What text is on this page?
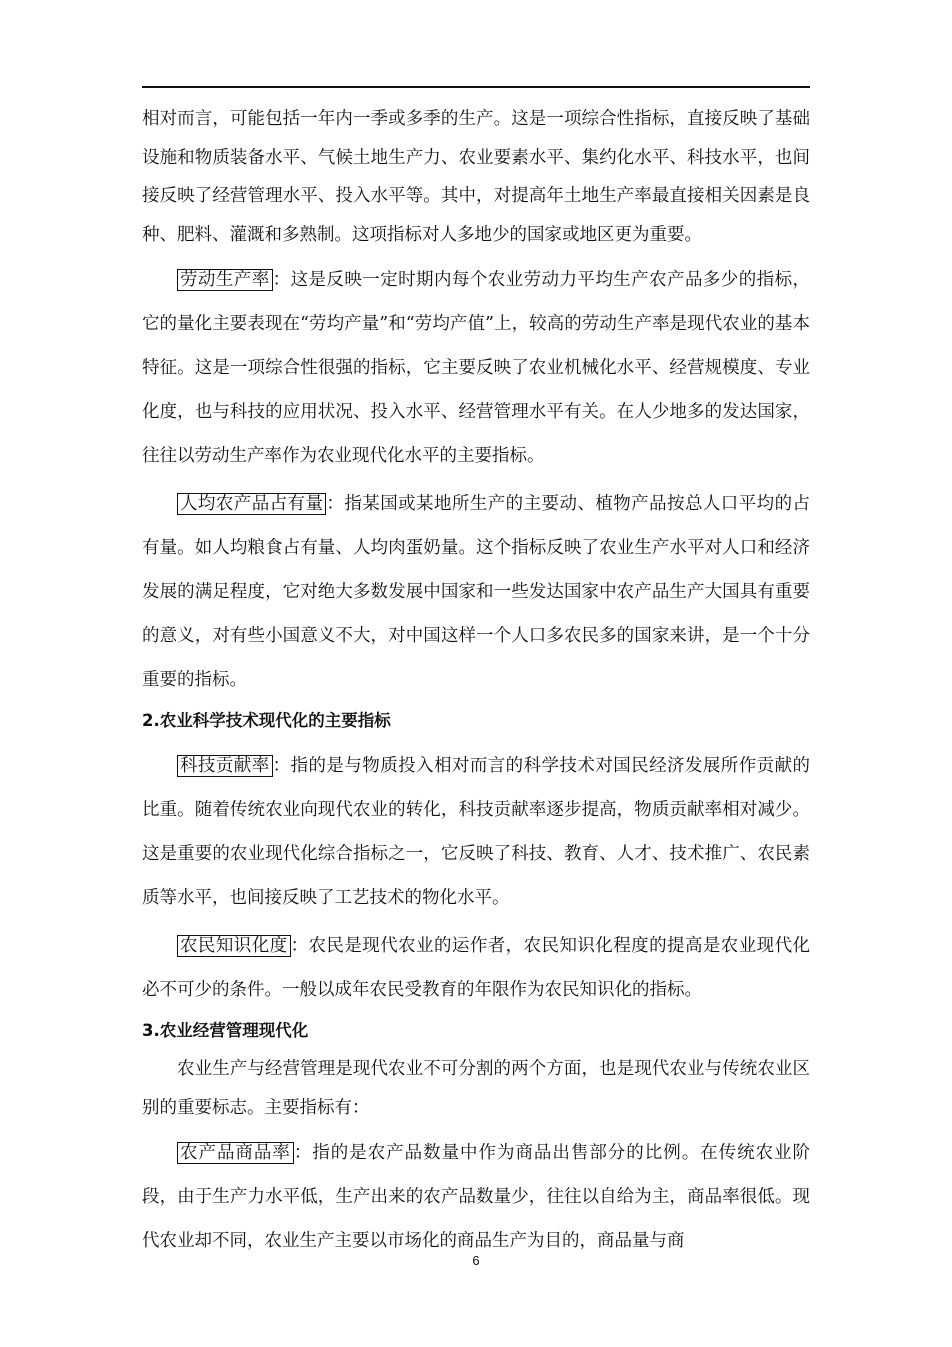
相对而言，可能包括一年内一季或多季的生产。这是一项综合性指标，直接反映了基础设施和物质装备水平、气候土地生产力、农业要素水平、集约化水平、科技水平，也间接反映了经营管理水平、投入水平等。其中，对提高年土地生产率最直接相关因素是良种、肥料、灌溉和多熟制。这项指标对人多地少的国家或地区更为重要。

劳动生产率 ：这是反映一定时期内每个农业劳动力平均生产农产品多少的指标，它的量化主要表现在“劳均产量”和“劳均产值”上，较高的劳动生产率是现代农业的基本特征。这是一项综合性很强的指标，它主要反映了农业机械化水平、经营规模度、专业化度，也与科技的应用状况、投入水平、经营管理水平有关。在人少地多的发达国家，往往以劳动生产率作为农业现代化水平的主要指标。

人均农产品占有量 ：指某国或某地所生产的主要动、植物产品按总人口平均的占有量。如人均粮食占有量、人均肉蛋奶量。这个指标反映了农业生产水平对人口和经济发展的满足程度，它对绝大多数发展中国家和一些发达国家中农产品生产大国具有重要的意义，对有些小国意义不大，对中国这样一个人口多农民多的国家来讲，是一个十分重要的指标。

2.农业科学技术现代化的主要指标

科技贡献率 ：指的是与物质投入相对而言的科学技术对国民经济发展所作贡献的比重。随着传统农业向现代农业的转化，科技贡献率逐步提高，物质贡献率相对减少。这是重要的农业现代化综合指标之一，它反映了科技、教育、人才、技术推广、农民素质等水平，也间接反映了工艺技术的物化水平。

农民知识化度 ：农民是现代农业的运作者，农民知识化程度的提高是农业现代化必不可少的条件。一般以成年农民受教育的年限作为农民知识化的指标。

3.农业经营管理现代化

农业生产与经营管理是现代农业不可分割的两个方面，也是现代农业与传统农业区别的重要标志。主要指标有：

农产品商品率 ：指的是农产品数量中作为商品出售部分的比例。在传统农业阶段，由于生产力水平低，生产出来的农产品数量少，往往以自给为主，商品率很低。现代农业却不同，农业生产主要以市场化的商品生产为目的，商品量与商

6
